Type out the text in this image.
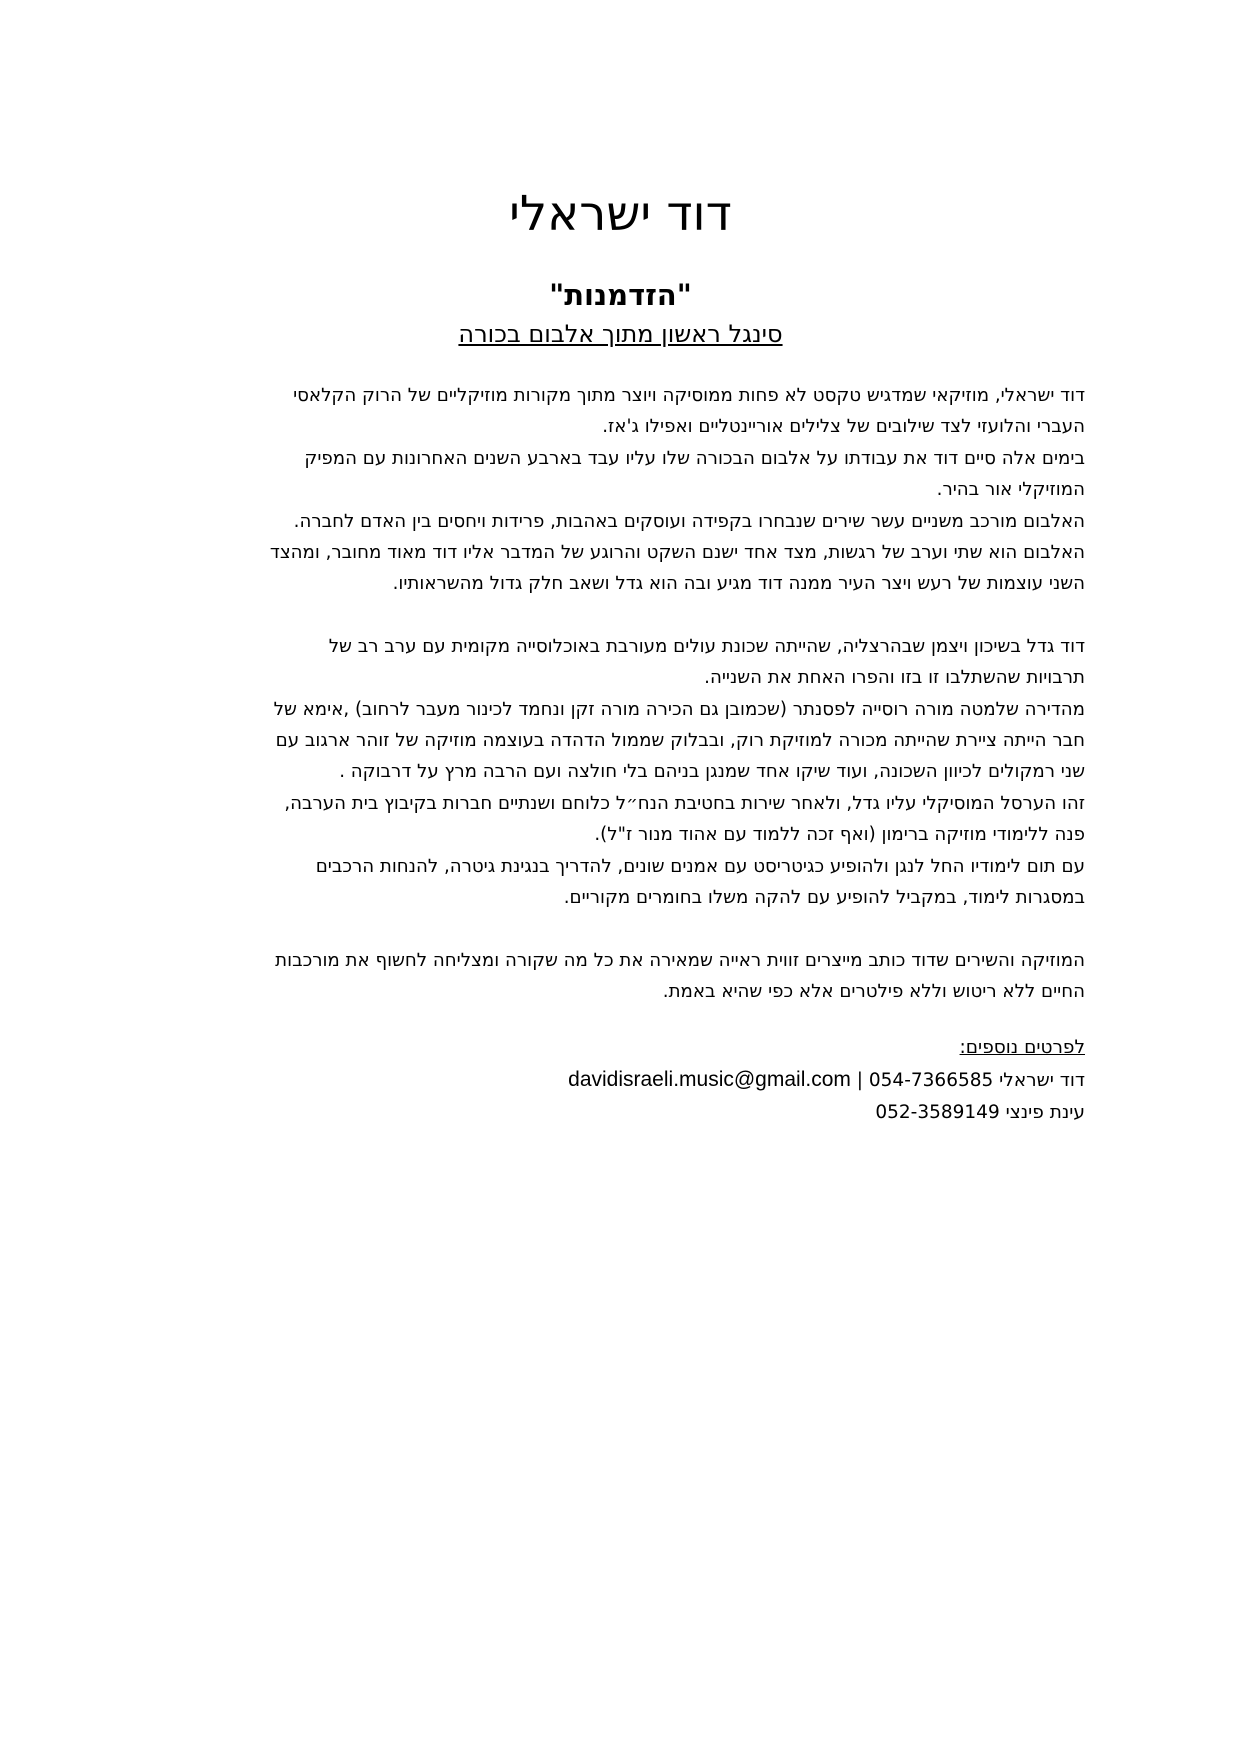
דוד ישראלי
"הזדמנות"
סינגל ראשון מתוך אלבום בכורה
דוד ישראלי, מוזיקאי שמדגיש טקסט לא פחות ממוסיקה ויוצר מתוך מקורות מוזיקליים של הרוק הקלאסי
העברי והלועזי לצד שילובים של צלילים אוריינטליים ואפילו ג'אז.
בימים אלה סיים דוד את עבודתו על אלבום הבכורה שלו עליו עבד בארבע השנים האחרונות עם המפיק
המוזיקלי אור בהיר.
האלבום מורכב משניים עשר שירים שנבחרו בקפידה ועוסקים באהבות, פרידות ויחסים בין האדם לחברה.
האלבום הוא שתי וערב של רגשות, מצד אחד ישנם השקט והרוגע של המדבר אליו דוד מאוד מחובר, ומהצד
השני עוצמות של רעש ויצר העיר ממנה דוד מגיע ובה הוא גדל ושאב חלק גדול מהשראותיו.
דוד גדל בשיכון ויצמן שבהרצליה, שהייתה שכונת עולים מעורבת באוכלוסייה מקומית עם ערב רב של
תרבויות שהשתלבו זו בזו והפרו האחת את השנייה.
מהדירה שלמטה מורה רוסייה לפסנתר (שכמובן גם הכירה מורה זקן ונחמד לכינור מעבר לרחוב) ,אימא של
חבר הייתה ציירת שהייתה מכורה למוזיקת רוק, ובבלוק שממול הדהדה בעוצמה מוזיקה של זוהר ארגוב עם
שני רמקולים לכיוון השכונה, ועוד שיקו אחד שמנגן בניהם בלי חולצה ועם הרבה מרץ על דרבוקה .
זהו הערסל המוסיקלי עליו גדל, ולאחר שירות בחטיבת הנח״ל כלוחם ושנתיים חברות בקיבוץ בית הערבה,
פנה ללימודי מוזיקה ברימון (ואף זכה ללמוד עם אהוד מנור ז"ל).
עם תום לימודיו החל לנגן ולהופיע כגיטריסט עם אמנים שונים, להדריך בנגינת גיטרה, להנחות הרכבים
במסגרות לימוד, במקביל להופיע עם להקה משלו בחומרים מקוריים.
המוזיקה והשירים שדוד כותב מייצרים זווית ראייה שמאירה את כל מה שקורה ומצליחה לחשוף את מורכבות
החיים ללא ריטוש וללא פילטרים אלא כפי שהיא באמת.
לפרטים נוספים:
דוד ישראלי 054-7366585 | davidisraeli.music@gmail.com
עינת פינצי 052-3589149
